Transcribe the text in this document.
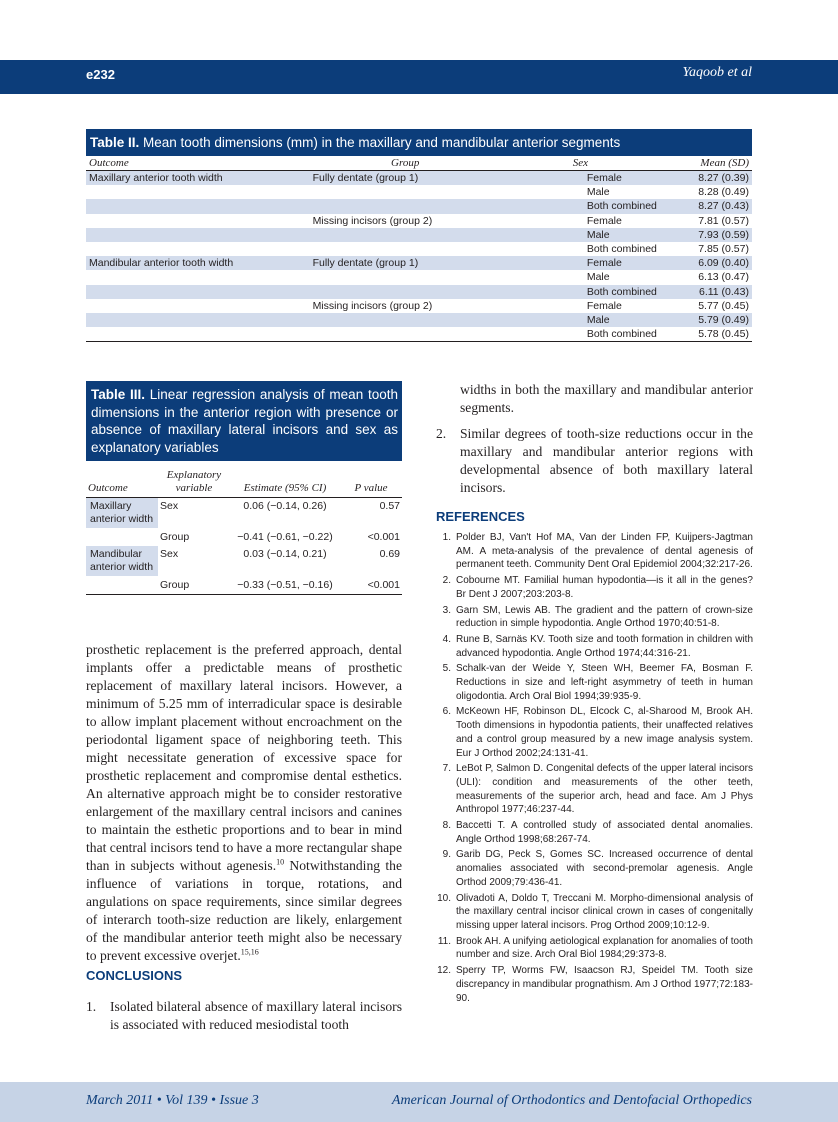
e232	Yaqoob et al
Table II. Mean tooth dimensions (mm) in the maxillary and mandibular anterior segments
Outcome	Group	Sex	Mean (SD)
Maxillary anterior tooth width	Fully dentate (group 1)	Female	8.27 (0.39)
		Male	8.28 (0.49)
		Both combined	8.27 (0.43)
	Missing incisors (group 2)	Female	7.81 (0.57)
		Male	7.93 (0.59)
		Both combined	7.85 (0.57)
Mandibular anterior tooth width	Fully dentate (group 1)	Female	6.09 (0.40)
		Male	6.13 (0.47)
		Both combined	6.11 (0.43)
	Missing incisors (group 2)	Female	5.77 (0.45)
		Male	5.79 (0.49)
		Both combined	5.78 (0.45)
Table III. Linear regression analysis of mean tooth dimensions in the anterior region with presence or absence of maxillary lateral incisors and sex as explanatory variables
Outcome	Explanatory variable	Estimate (95% CI)	P value
Maxillary anterior width	Sex	0.06 (−0.14, 0.26)	0.57
	Group	−0.41 (−0.61, −0.22)	<0.001
Mandibular anterior width	Sex	0.03 (−0.14, 0.21)	0.69
	Group	−0.33 (−0.51, −0.16)	<0.001

prosthetic replacement is the preferred approach, dental implants offer a predictable means of prosthetic replacement of maxillary lateral incisors. However, a minimum of 5.25 mm of interradicular space is desirable to allow implant placement without encroachment on the periodontal ligament space of neighboring teeth. This might necessitate generation of excessive space for prosthetic replacement and compromise dental esthetics. An alternative approach might be to consider restorative enlargement of the maxillary central incisors and canines to maintain the esthetic proportions and to bear in mind that central incisors tend to have a more rectangular shape than in subjects without agenesis.$^{10}$ Notwithstanding the influence of variations in torque, rotations, and angulations on space requirements, since similar degrees of interarch tooth-size reduction are likely, enlargement of the mandibular anterior teeth might also be necessary to prevent excessive overjet.$^{15,16}$

CONCLUSIONS
1.	Isolated bilateral absence of maxillary lateral incisors is associated with reduced mesiodistal tooth
widths in both the maxillary and mandibular anterior segments.
2.	Similar degrees of tooth-size reductions occur in the maxillary and mandibular anterior regions with developmental absence of both maxillary lateral incisors.
REFERENCES
1. Polder BJ, Van't Hof MA, Van der Linden FP, Kuijpers-Jagtman AM. A meta-analysis of the prevalence of dental agenesis of permanent teeth. Community Dent Oral Epidemiol 2004;32:217-26.
2. Cobourne MT. Familial human hypodontia—is it all in the genes? Br Dent J 2007;203:203-8.
3. Garn SM, Lewis AB. The gradient and the pattern of crown-size reduction in simple hypodontia. Angle Orthod 1970;40:51-8.
4. Rune B, Sarnäs KV. Tooth size and tooth formation in children with advanced hypodontia. Angle Orthod 1974;44:316-21.
5. Schalk-van der Weide Y, Steen WH, Beemer FA, Bosman F. Reductions in size and left-right asymmetry of teeth in human oligodontia. Arch Oral Biol 1994;39:935-9.
6. McKeown HF, Robinson DL, Elcock C, al-Sharood M, Brook AH. Tooth dimensions in hypodontia patients, their unaffected relatives and a control group measured by a new image analysis system. Eur J Orthod 2002;24:131-41.
7. LeBot P, Salmon D. Congenital defects of the upper lateral incisors (ULI): condition and measurements of the other teeth, measurements of the superior arch, head and face. Am J Phys Anthropol 1977;46:237-44.
8. Baccetti T. A controlled study of associated dental anomalies. Angle Orthod 1998;68:267-74.
9. Garib DG, Peck S, Gomes SC. Increased occurrence of dental anomalies associated with second-premolar agenesis. Angle Orthod 2009;79:436-41.
10. Olivadoti A, Doldo T, Treccani M. Morpho-dimensional analysis of the maxillary central incisor clinical crown in cases of congenitally missing upper lateral incisors. Prog Orthod 2009;10:12-9.
11. Brook AH. A unifying aetiological explanation for anomalies of tooth number and size. Arch Oral Biol 1984;29:373-8.
12. Sperry TP, Worms FW, Isaacson RJ, Speidel TM. Tooth size discrepancy in mandibular prognathism. Am J Orthod 1977;72:183-90.
March 2011 • Vol 139 • Issue 3	American Journal of Orthodontics and Dentofacial Orthopedics
